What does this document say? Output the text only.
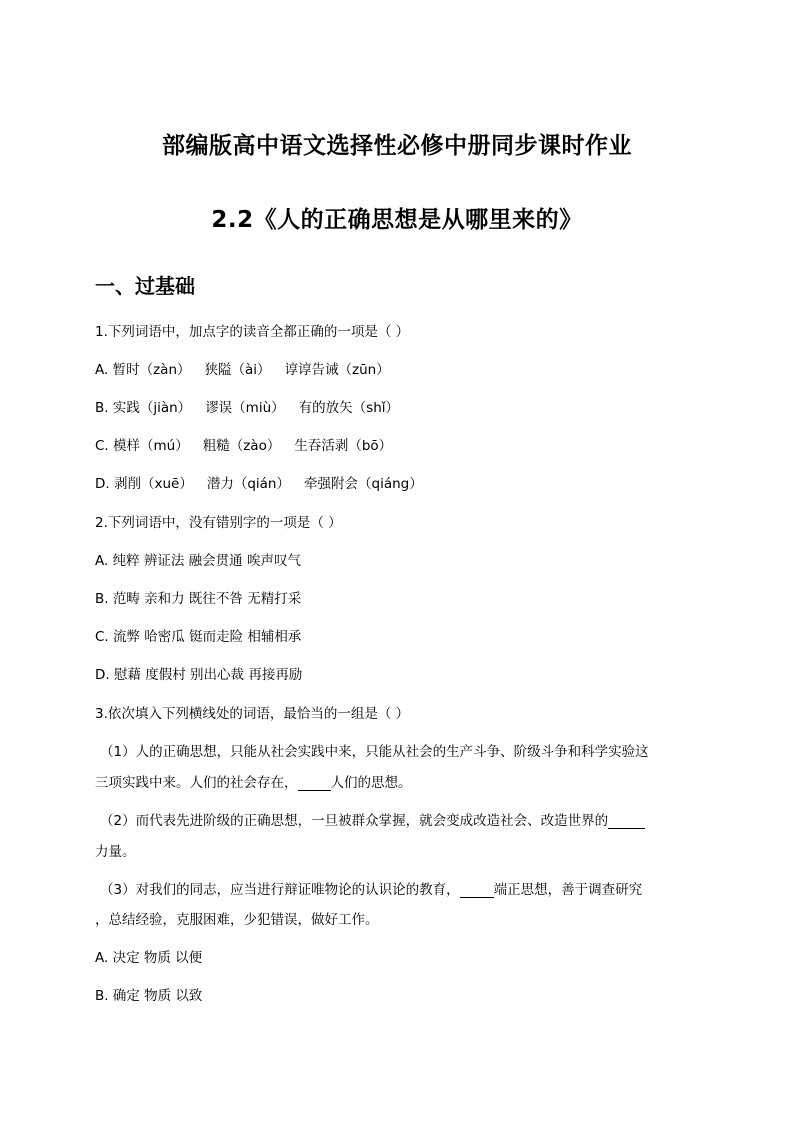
部编版高中语文选择性必修中册同步课时作业
2.2《人的正确思想是从哪里来的》
一、过基础
1.下列词语中，加点字的读音全都正确的一项是（ ）
A. 暂时（zàn） 狭隘（ài） 谆谆告诫（zūn）
B. 实践（jiàn） 谬误（miù） 有的放矢（shǐ）
C. 模样（mú） 粗糙（zào） 生吞活剥（bō）
D. 剥削（xuē） 潜力（qián） 牵强附会（qiáng）
2.下列词语中，没有错别字的一项是（ ）
A. 纯粹 辨证法 融会贯通 唉声叹气
B. 范畴 亲和力 既往不咎 无精打采
C. 流弊 哈密瓜 铤而走险 相辅相承
D. 慰藉 度假村 别出心裁 再接再励
3.依次填入下列横线处的词语，最恰当的一组是（ ）
（1）人的正确思想，只能从社会实践中来，只能从社会的生产斗争、阶级斗争和科学实验这
三项实践中来。人们的社会存在， 人们的思想。
（2）而代表先进阶级的正确思想，一旦被群众掌握，就会变成改造社会、改造世界的
力量。
（3）对我们的同志，应当进行辩证唯物论的认识论的教育，	端正思想，善于调查研究
，总结经验，克服困难，少犯错误，做好工作。
A. 决定 物质 以便
B. 确定 物质 以致
